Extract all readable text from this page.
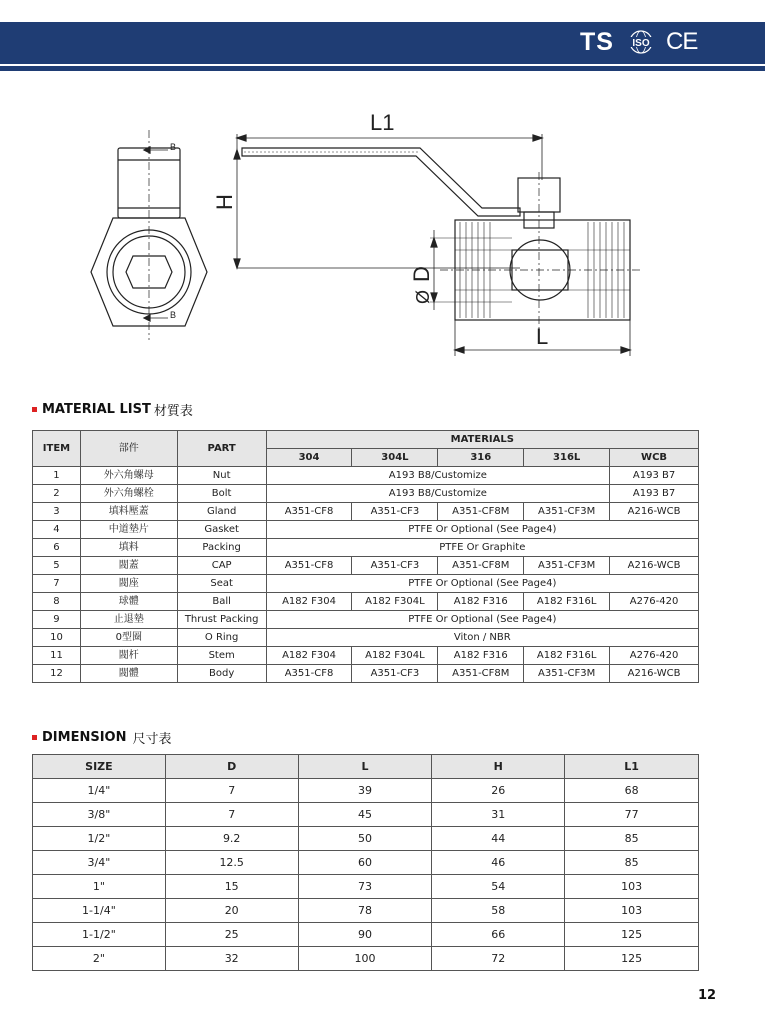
TS ISO CE
B
B
L1
H
D
Ø
L
MATERIAL LIST 材質表
ITEM	部件	PART	MATERIALS				
			304	304L	316	316L	WCB
1	外六角螺母	Nut	A193 B8/Customize				A193 B7
2	外六角螺栓	Bolt	A193 B8/Customize				A193 B7
3	填料壓蓋	Gland	A351-CF8	A351-CF3	A351-CF8M	A351-CF3M	A216-WCB
4	中道墊片	Gasket	PTFE Or Optional (See Page4)				
6	填料	Packing	PTFE Or Graphite				
5	閥蓋	CAP	A351-CF8	A351-CF3	A351-CF8M	A351-CF3M	A216-WCB
7	閥座	Seat	PTFE Or Optional (See Page4)				
8	球體	Ball	A182 F304	A182 F304L	A182 F316	A182 F316L	A276-420
9	止退墊	Thrust Packing	PTFE Or Optional (See Page4)				
10	0型圈	O Ring	Viton / NBR				
11	閥杆	Stem	A182 F304	A182 F304L	A182 F316	A182 F316L	A276-420
12	閥體	Body	A351-CF8	A351-CF3	A351-CF8M	A351-CF3M	A216-WCB
DIMENSION 尺寸表
SIZE	D	L	H	L1
1/4"	7	39	26	68
3/8"	7	45	31	77
1/2"	9.2	50	44	85
3/4"	12.5	60	46	85
1"	15	73	54	103
1-1/4"	20	78	58	103
1-1/2"	25	90	66	125
2"	32	100	72	125
12
